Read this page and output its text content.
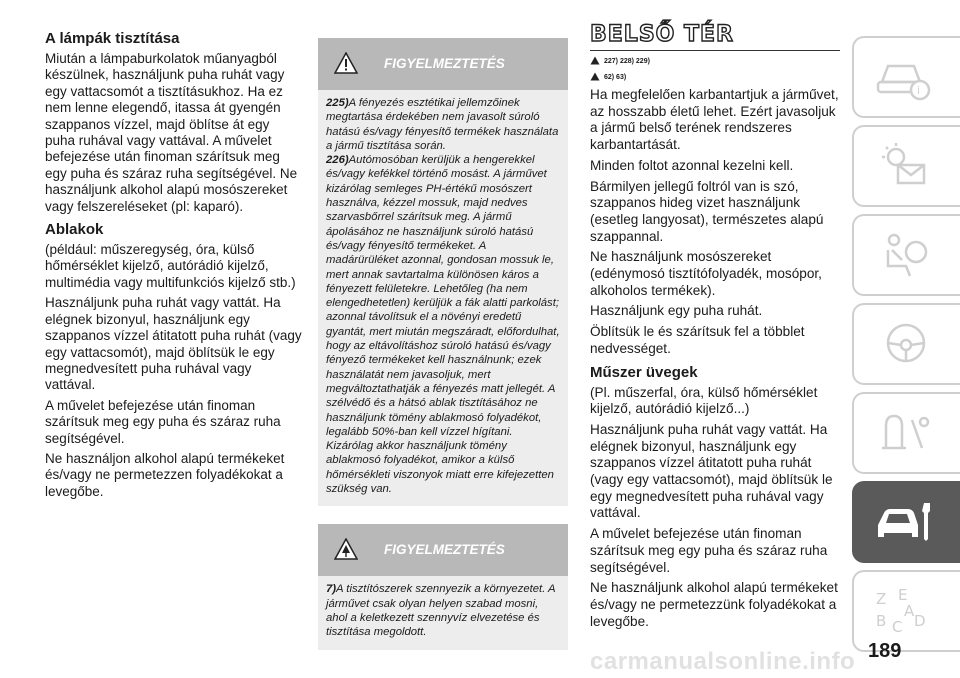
A lámpák tisztítása
Miután a lámpaburkolatok műanyagból készülnek, használjunk puha ruhát vagy egy vattacsomót a tisztításukhoz. Ha ez nem lenne elegendő, itassa át gyengén szappanos vízzel, majd öblítse át egy puha ruhával vagy vattával. A művelet befejezése után finoman szárítsuk meg egy puha és száraz ruha segítségével. Ne használjunk alkohol alapú mosószereket vagy felszereléseket (pl: kaparó).
Ablakok
(például: műszeregység, óra, külső hőmérséklet kijelző, autórádió kijelző, multimédia vagy multifunkciós kijelző stb.)
Használjunk puha ruhát vagy vattát. Ha elégnek bizonyul, használjunk egy szappanos vízzel átitatott puha ruhát (vagy egy vattacsomót), majd öblítsük le egy megnedvesített puha ruhával vagy vattával.
A művelet befejezése után finoman szárítsuk meg egy puha és száraz ruha segítségével.
Ne használjon alkohol alapú termékeket és/vagy ne permetezzen folyadékokat a levegőbe.
FIGYELMEZTETÉS

225)A fényezés esztétikai jellemzőinek megtartása érdekében nem javasolt súroló hatású és/vagy fényesítő termékek használata a jármű tisztítása során.

226)Autómosóban kerüljük a hengerekkel és/vagy kefékkel történő mosást. A járművet kizárólag semleges PH-értékű mosószert használva, kézzel mossuk, majd nedves szarvasbőrrel szárítsuk meg. A jármű ápolásához ne használjunk súroló hatású és/vagy fényesítő termékeket. A madárürüléket azonnal, gondosan mossuk le, mert annak savtartalma különösen káros a fényezett felületekre. Lehetőleg (ha nem elengedhetetlen) kerüljük a fák alatti parkolást; azonnal távolítsuk el a növényi eredetű gyantát, mert miután megszáradt, előfordulhat, hogy az eltávolításhoz súroló hatású és/vagy fényező termékeket kell használnunk; ezek használatát nem javasoljuk, mert megváltoztathatják a fényezés matt jellegét. A szélvédő és a hátsó ablak tisztításához ne használjunk tömény ablakmosó folyadékot, legalább 50%-ban kell vízzel hígítani. Kizárólag akkor használjunk tömény ablakmosó folyadékot, amikor a külső hőmérsékleti viszonyok miatt erre kifejezetten szükség van.

FIGYELMEZTETÉS

7)A tisztítószerek szennyezik a környezetet. A járművet csak olyan helyen szabad mosni, ahol a keletkezett szennyvíz elvezetése és tisztítása megoldott.

BELSŐ TÉR
227) 228) 229)
62) 63)
Ha megfelelően karbantartjuk a járművet, az hosszabb életű lehet. Ezért javasoljuk a jármű belső terének rendszeres karbantartását.
Minden foltot azonnal kezelni kell.
Bármilyen jellegű foltról van is szó, szappanos hideg vizet használjunk (esetleg langyosat), természetes alapú szappannal.
Ne használjunk mosószereket (edénymosó tisztítófolyadék, mosópor, alkoholos termékek).
Használjunk egy puha ruhát.
Öblítsük le és szárítsuk fel a többlet nedvességet.
Műszer üvegek
(Pl. műszerfal, óra, külső hőmérséklet kijelző, autórádió kijelző...)
Használjunk puha ruhát vagy vattát. Ha elégnek bizonyul, használjunk egy szappanos vízzel átitatott puha ruhát (vagy egy vattacsomót), majd öblítsük le egy megnedvesített puha ruhával vagy vattával.
A művelet befejezése után finoman szárítsuk meg egy puha és száraz ruha segítségével.
Ne használjunk alkohol alapú termékeket és/vagy ne permetezzünk folyadékokat a levegőbe.
i
Z E
B C D
A
189
carmanualsonline.info
